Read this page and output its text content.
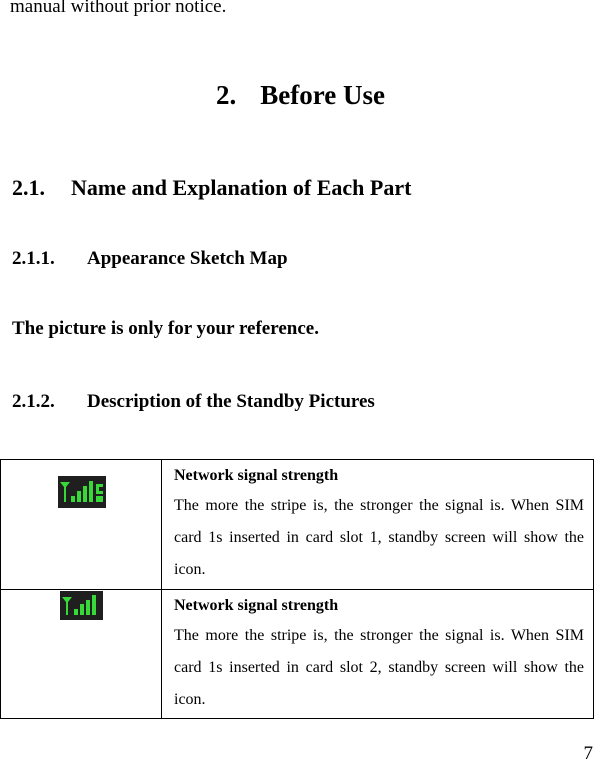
manual without prior notice.
2. Before Use
2.1. Name and Explanation of Each Part
2.1.1. Appearance Sketch Map
The picture is only for your reference.
2.1.2. Description of the Standby Pictures
Network signal strength
The more the stripe is, the stronger the signal is. When SIM card 1s inserted in card slot 1, standby screen will show the icon.
Network signal strength
The more the stripe is, the stronger the signal is. When SIM card 1s inserted in card slot 2, standby screen will show the icon.
7
